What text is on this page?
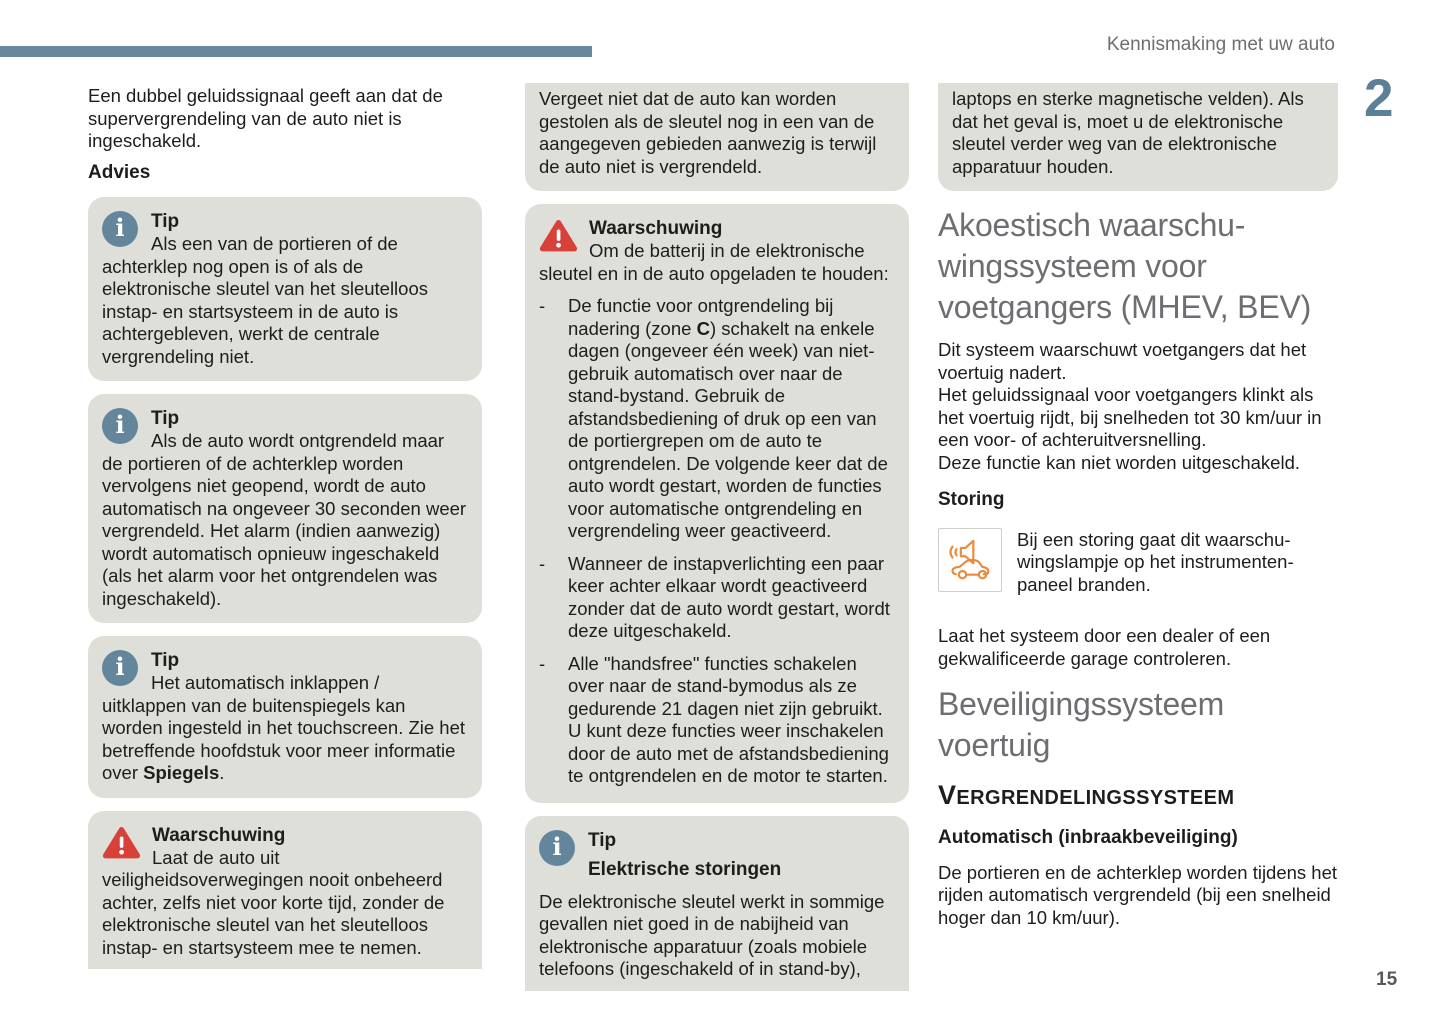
Kennismaking met uw auto
2

Een dubbel geluidssignaal geeft aan dat de supervergrendeling van de auto niet is ingeschakeld.

Advies

i	Tip

Als een van de portieren of de achterklep nog open is of als de elektronische sleutel van het sleutelloos instap- en startsysteem in de auto is achtergebleven, werkt de centrale vergrendeling niet.

i	Tip

Als de auto wordt ontgrendeld maar de portieren of de achterklep worden vervolgens niet geopend, wordt de auto automatisch na ongeveer 30 seconden weer vergrendeld. Het alarm (indien aanwezig) wordt automatisch opnieuw ingeschakeld (als het alarm voor het ontgrendelen was ingeschakeld).

i	Tip

Het automatisch inklappen / uitklappen van de buitenspiegels kan worden ingesteld in het touchscreen. Zie het betreffende hoofdstuk voor meer informatie over Spiegels.

Waarschuwing

Laat de auto uit veiligheidsoverwegingen nooit onbeheerd achter, zelfs niet voor korte tijd, zonder de elektronische sleutel van het sleutelloos instap- en startsysteem mee te nemen.

Vergeet niet dat de auto kan worden gestolen als de sleutel nog in een van de aangegeven gebieden aanwezig is terwijl de auto niet is vergrendeld.

Waarschuwing

Om de batterij in de elektronische sleutel en in de auto opgeladen te houden:

-	De functie voor ontgrendeling bij nadering (zone C) schakelt na enkele dagen (ongeveer één week) van niet-gebruik automatisch over naar de stand-bystand. Gebruik de afstandsbediening of druk op een van de portiergrepen om de auto te ontgrendelen. De volgende keer dat de auto wordt gestart, worden de functies voor automatische ontgrendeling en vergrendeling weer geactiveerd.

-	Wanneer de instapverlichting een paar keer achter elkaar wordt geactiveerd zonder dat de auto wordt gestart, wordt deze uitgeschakeld.

-	Alle "handsfree" functies schakelen over naar de stand-bymodus als ze gedurende 21 dagen niet zijn gebruikt. U kunt deze functies weer inschakelen door de auto met de afstandsbediening te ontgrendelen en de motor te starten.

i	Tip

Elektrische storingen

De elektronische sleutel werkt in sommige gevallen niet goed in de nabijheid van elektronische apparatuur (zoals mobiele telefoons (ingeschakeld of in stand-by),

laptops en sterke magnetische velden). Als dat het geval is, moet u de elektronische sleutel verder weg van de elektronische apparatuur houden.

Akoestisch waarschu-wingssysteem voor voetgangers (MHEV, BEV)

Dit systeem waarschuwt voetgangers dat het voertuig nadert.

Het geluidssignaal voor voetgangers klinkt als het voertuig rijdt, bij snelheden tot 30 km/uur in een voor- of achteruitversnelling.

Deze functie kan niet worden uitgeschakeld.

Storing

Bij een storing gaat dit waarschu-wingslampje op het instrumenten-paneel branden.

Laat het systeem door een dealer of een gekwalificeerde garage controleren.

Beveiligingssysteem voertuig

VERGRENDELINGSSYSTEEM

Automatisch (inbraakbeveiliging)

De portieren en de achterklep worden tijdens het rijden automatisch vergrendeld (bij een snelheid hoger dan 10 km/uur).

15
